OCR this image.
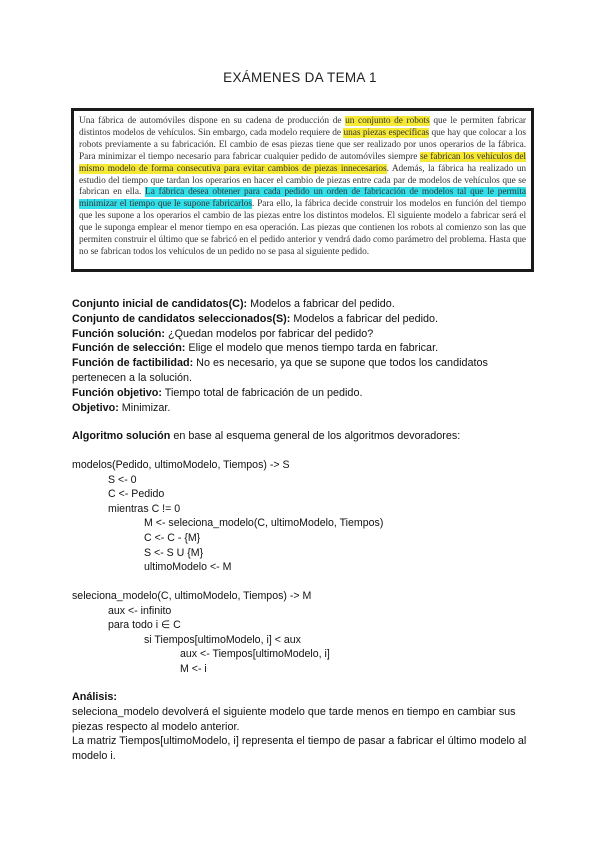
EXÁMENES DA TEMA 1

Una fábrica de automóviles dispone en su cadena de producción de un conjunto de robots que le permiten fabricar distintos modelos de vehículos. Sin embargo, cada modelo requiere de unas piezas específicas que hay que colocar a los robots previamente a su fabricación. El cambio de esas piezas tiene que ser realizado por unos operarios de la fábrica. Para minimizar el tiempo necesario para fabricar cualquier pedido de automóviles siempre se fabrican los vehículos del mismo modelo de forma consecutiva para evitar cambios de piezas innecesarios. Además, la fábrica ha realizado un estudio del tiempo que tardan los operarios en hacer el cambio de piezas entre cada par de modelos de vehículos que se fabrican en ella. La fábrica desea obtener para cada pedido un orden de fabricación de modelos tal que le permita minimizar el tiempo que le supone fabricarlos. Para ello, la fábrica decide construir los modelos en función del tiempo que les supone a los operarios el cambio de las piezas entre los distintos modelos. El siguiente modelo a fabricar será el que le suponga emplear el menor tiempo en esa operación. Las piezas que contienen los robots al comienzo son las que permiten construir el último que se fabricó en el pedido anterior y vendrá dado como parámetro del problema. Hasta que no se fabrican todos los vehículos de un pedido no se pasa al siguiente pedido.

Conjunto inicial de candidatos(C): Modelos a fabricar del pedido.

Conjunto de candidatos seleccionados(S): Modelos a fabricar del pedido.

Función solución: ¿Quedan modelos por fabricar del pedido?

Función de selección: Elige el modelo que menos tiempo tarda en fabricar.

Función de factibilidad: No es necesario, ya que se supone que todos los candidatos pertenecen a la solución.

Función objetivo: Tiempo total de fabricación de un pedido.

Objetivo: Minimizar.

Algoritmo solución en base al esquema general de los algoritmos devoradores:
modelos(Pedido, ultimoModelo, Tiempos) -> S
S <- 0
C <- Pedido
mientras C != 0
M <- seleciona_modelo(C, ultimoModelo, Tiempos)
C <- C - {M}
S <- S U {M}
ultimoModelo <- M
seleciona_modelo(C, ultimoModelo, Tiempos) -> M
aux <- infinito
para todo i ∈ C
si Tiempos[ultimoModelo, i] < aux
aux <- Tiempos[ultimoModelo, i]
M <- i

Análisis:

seleciona_modelo devolverá el siguiente modelo que tarde menos en tiempo en cambiar sus piezas respecto al modelo anterior.

La matriz Tiempos[ultimoModelo, i] representa el tiempo de pasar a fabricar el último modelo al modelo i.
